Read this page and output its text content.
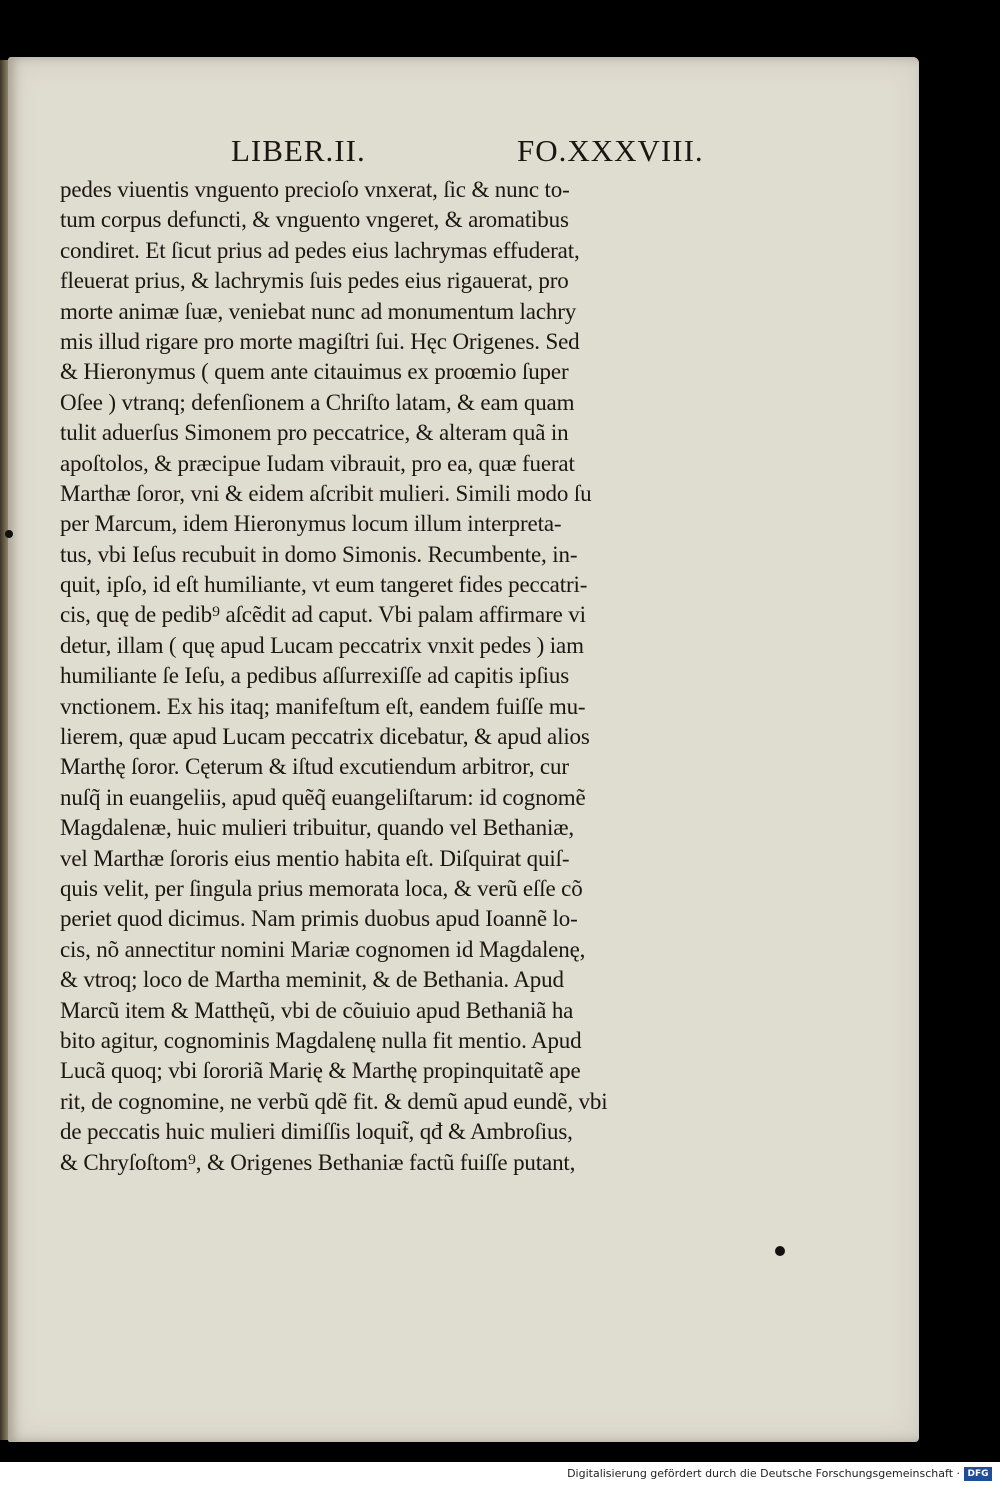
LIBER.II.	FO.XXXVIII.
pedes viuentis vnguento precioſo vnxerat, ſic & nunc to-
tum corpus defuncti, & vnguento vngeret, & aromatibus
condiret. Et ſicut prius ad pedes eius lachrymas effuderat,
fleuerat prius, & lachrymis ſuis pedes eius rigauerat, pro
morte animæ ſuæ, veniebat nunc ad monumentum lachry
mis illud rigare pro morte magiſtri ſui. Hęc Origenes. Sed
& Hieronymus ( quem ante citauimus ex proœmio ſuper
Oſee ) vtranq; defenſionem a Chriſto latam, & eam quam
tulit aduerſus Simonem pro peccatrice, & alteram quã in
apoſtolos, & præcipue Iudam vibrauit, pro ea, quæ fuerat
Marthæ ſoror, vni & eidem aſcribit mulieri. Simili modo ſu
per Marcum, idem Hieronymus locum illum interpreta-
tus, vbi Ieſus recubuit in domo Simonis. Recumbente, in-
quit, ipſo, id eſt humiliante, vt eum tangeret fides peccatri-
cis, quę de pedib⁹ aſcẽdit ad caput. Vbi palam affirmare vi
detur, illam ( quę apud Lucam peccatrix vnxit pedes ) iam
humiliante ſe Ieſu, a pedibus aſſurrexiſſe ad capitis ipſius
vnctionem. Ex his itaq; manifeſtum eſt, eandem fuiſſe mu-
lierem, quæ apud Lucam peccatrix dicebatur, & apud alios
Marthę ſoror. Cęterum & iſtud excutiendum arbitror, cur
nuſq̃ in euangeliis, apud quẽq̃ euangeliſtarum: id cognomẽ
Magdalenæ, huic mulieri tribuitur, quando vel Bethaniæ,
vel Marthæ ſororis eius mentio habita eſt. Diſquirat quiſ-
quis velit, per ſingula prius memorata loca, & verũ eſſe cõ
periet quod dicimus. Nam primis duobus apud Ioannẽ lo-
cis, nõ annectitur nomini Mariæ cognomen id Magdalenę,
& vtroq; loco de Martha meminit, & de Bethania. Apud
Marcũ item & Matthęũ, vbi de cõuiuio apud Bethaniã ha
bito agitur, cognominis Magdalenę nulla fit mentio. Apud
Lucã quoq; vbi ſororiã Marię & Marthę propinquitatẽ ape
rit, de cognomine, ne verbũ qdẽ fit. & demũ apud eundẽ, vbi
de peccatis huic mulieri dimiſſis loquit̃, qđ & Ambroſius,
& Chryſoſtom⁹, & Origenes Bethaniæ factũ fuiſſe putant,
Digitalisierung gefördert durch die Deutsche Forschungsgemeinschaft · DFG
